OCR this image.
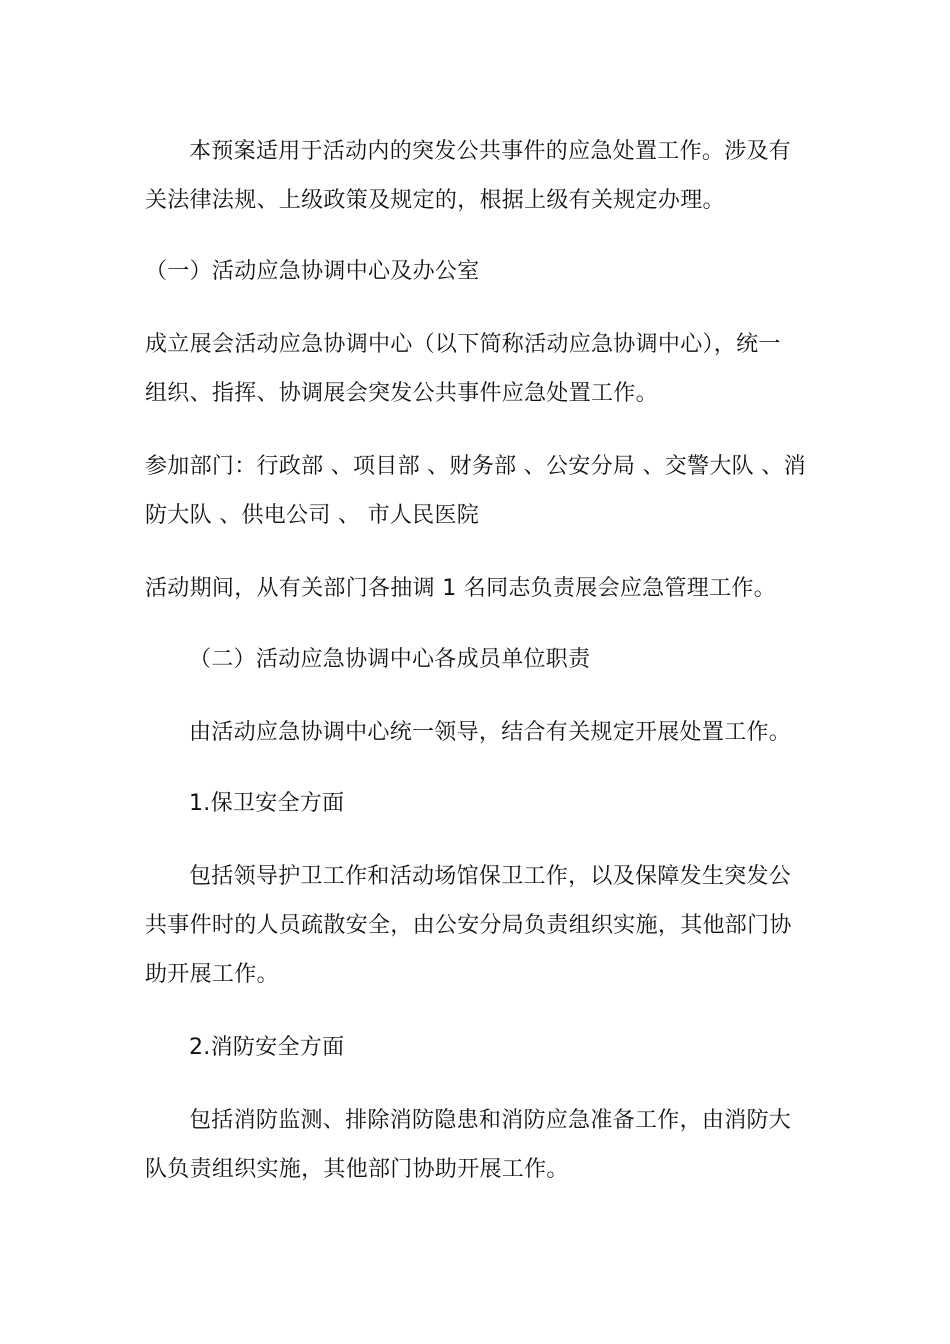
本预案适用于活动内的突发公共事件的应急处置工作。涉及有
关法律法规、上级政策及规定的，根据上级有关规定办理。
（一）活动应急协调中心及办公室
成立展会活动应急协调中心（以下简称活动应急协调中心），统一
组织、指挥、协调展会突发公共事件应急处置工作。
参加部门：行政部 、项目部 、财务部 、公安分局 、交警大队 、消
防大队 、供电公司 、 市人民医院
活动期间，从有关部门各抽调 1 名同志负责展会应急管理工作。
（二）活动应急协调中心各成员单位职责
由活动应急协调中心统一领导，结合有关规定开展处置工作。
1.保卫安全方面
包括领导护卫工作和活动场馆保卫工作，以及保障发生突发公
共事件时的人员疏散安全，由公安分局负责组织实施，其他部门协
助开展工作。
2.消防安全方面
包括消防监测、排除消防隐患和消防应急准备工作，由消防大
队负责组织实施，其他部门协助开展工作。
